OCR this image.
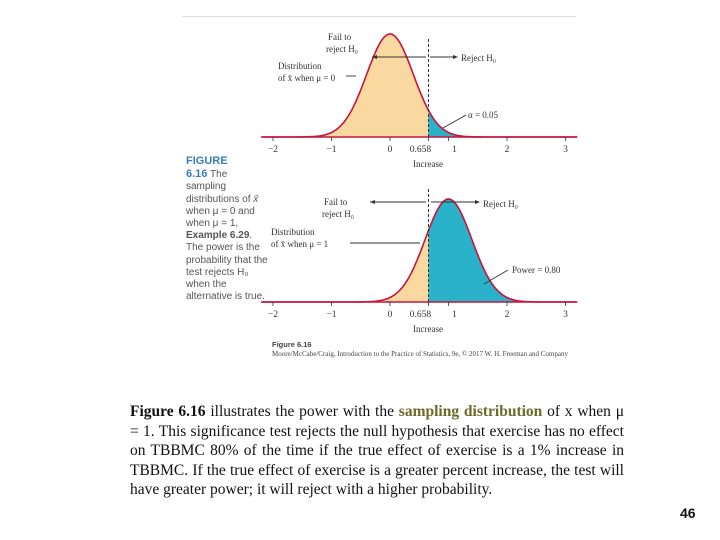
FIGURE
6.16 The sampling distributions of x̄ when μ = 0 and when μ = 1, Example 6.29. The power is the probability that the test rejects H₀ when the alternative is true.
−2	−1	0 0.658 1	2	3
Increase
Fail to
reject H₀
Reject H₀
Distribution
of x̄ when μ = 0
α = 0.05
−2	−1	0 0.658 1	2	3
Increase
Fail to
reject H₀
Reject H₀
Distribution
of x̄ when μ = 1
Power = 0.80
Figure 6.16
Moore/McCabe/Craig, Introduction to the Practice of Statistics, 9e, © 2017 W. H. Freeman and Company
Figure 6.16 illustrates the power with the sampling distribution of x when μ = 1. This significance test rejects the null hypothesis that exercise has no effect on TBBMC 80% of the time if the true effect of exercise is a 1% increase in TBBMC. If the true effect of exercise is a greater percent increase, the test will have greater power; it will reject with a higher probability.
46
